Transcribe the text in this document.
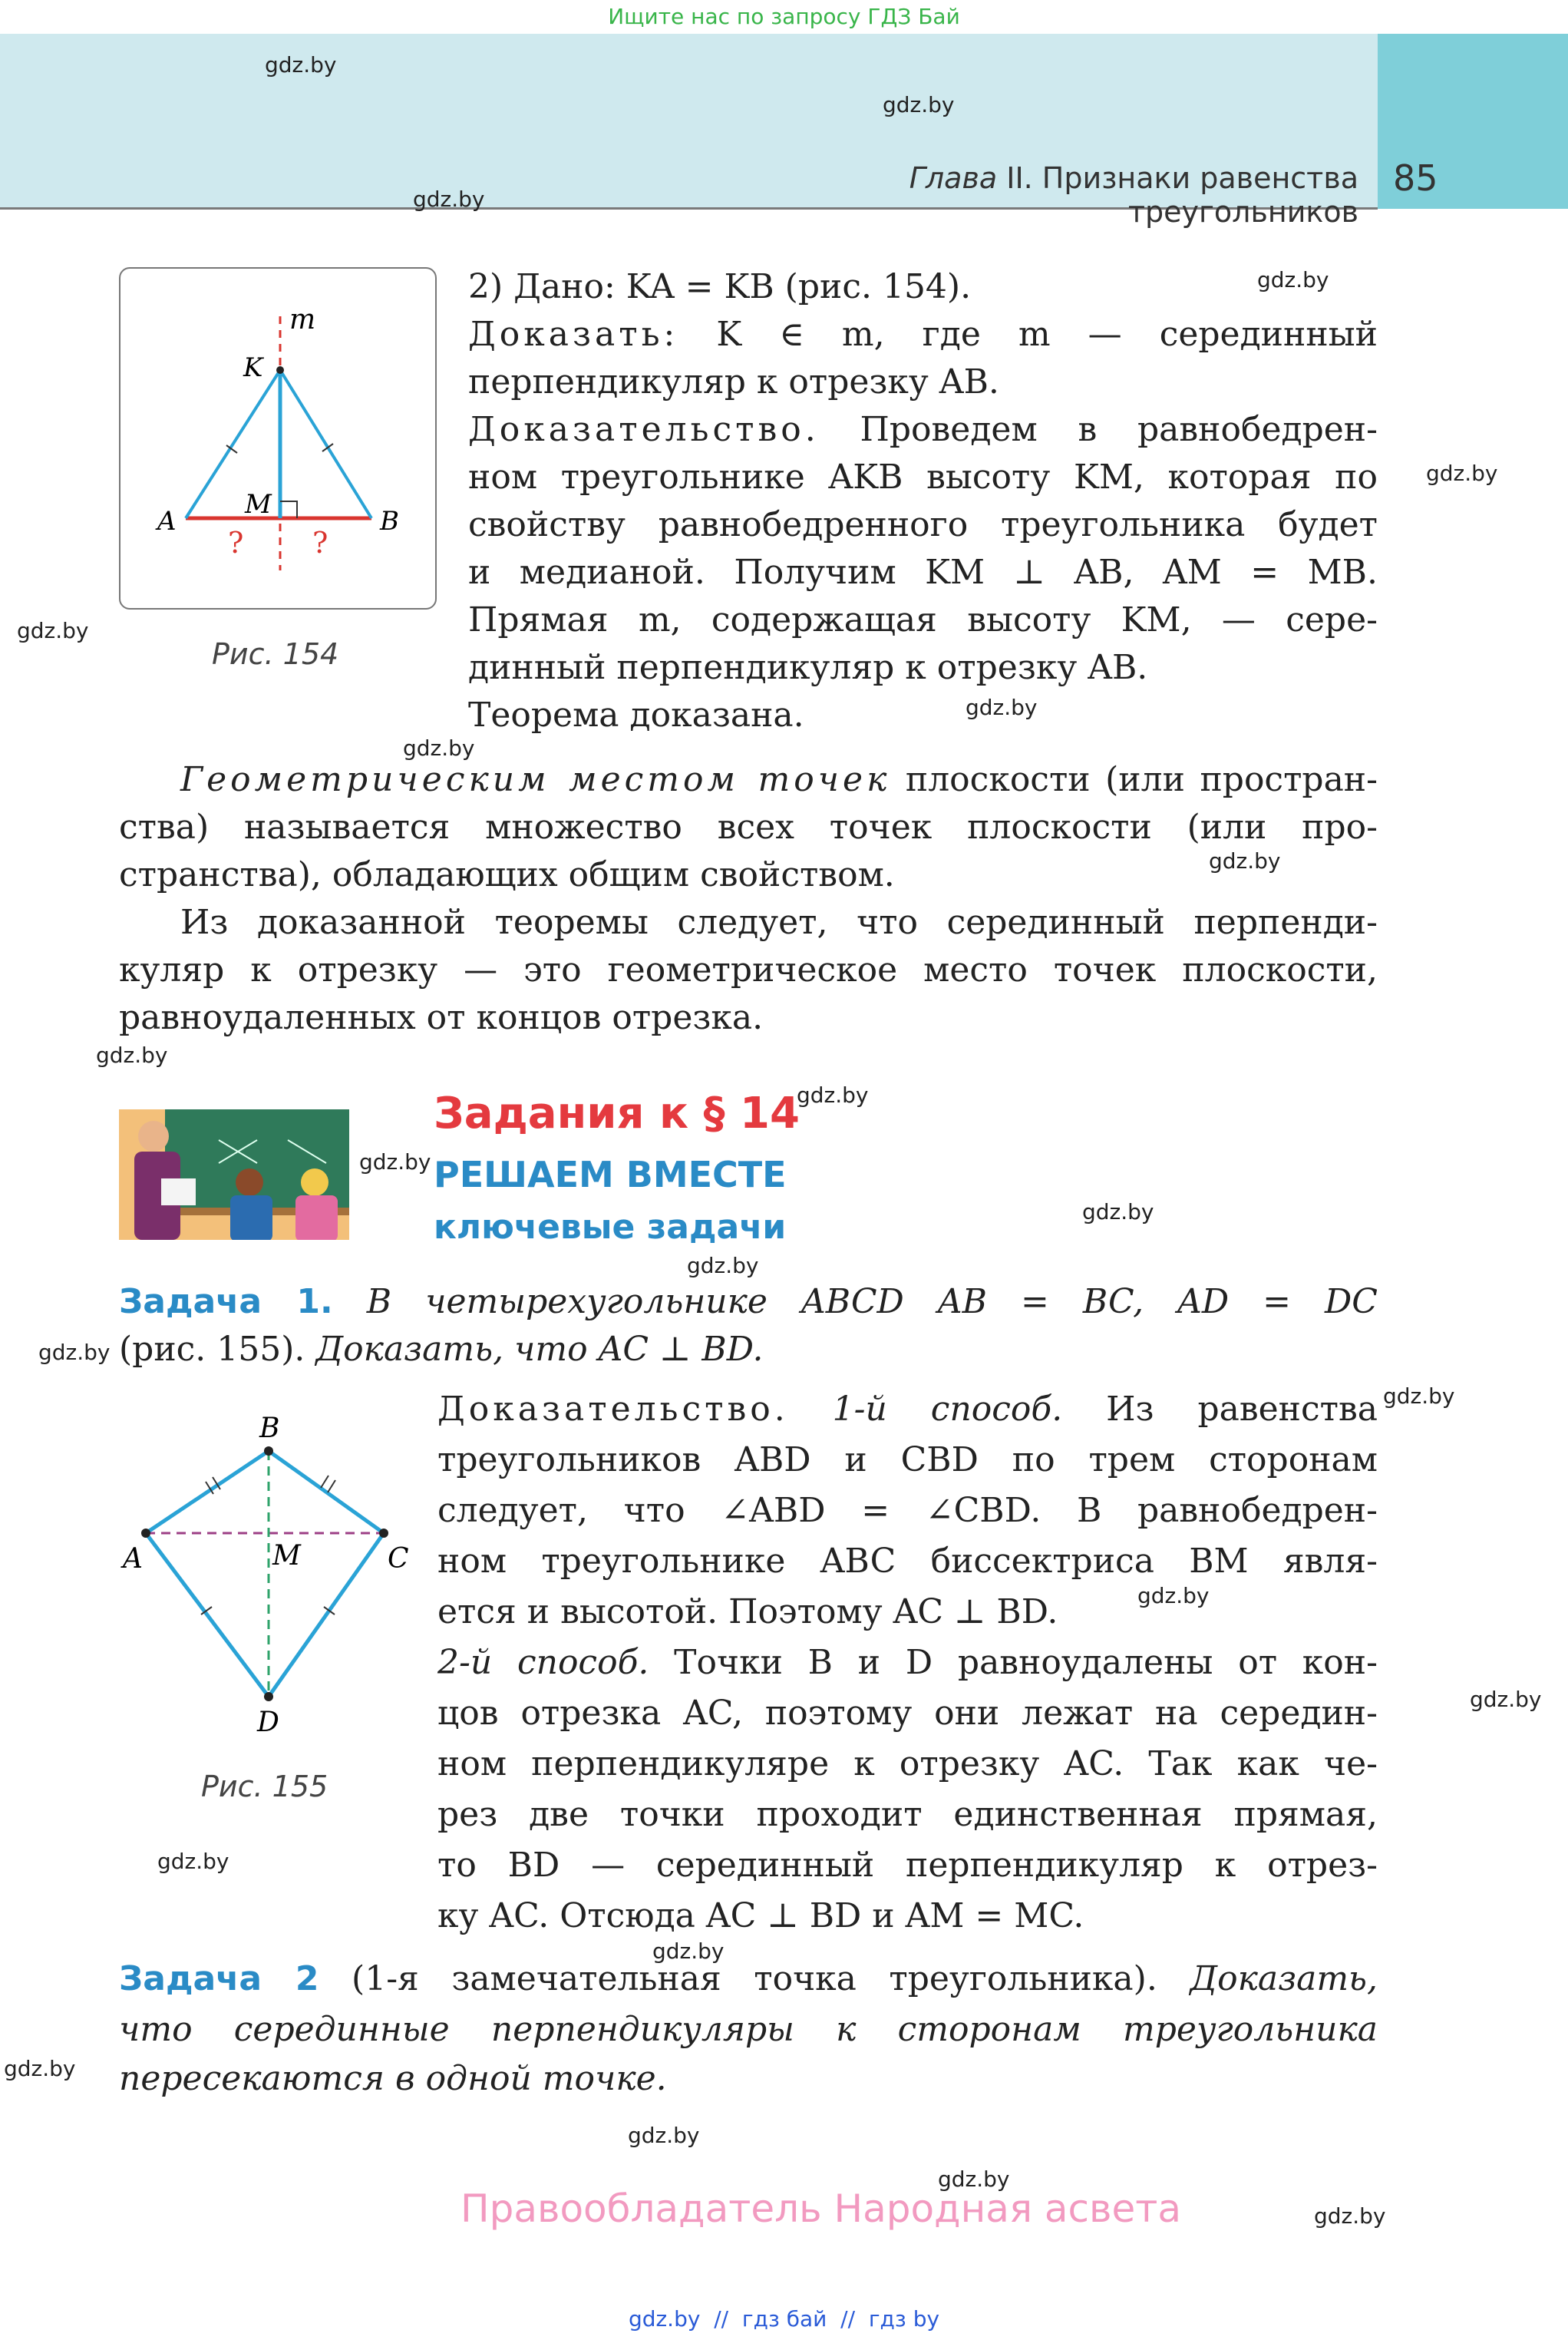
Ищите нас по запросу ГДЗ Бай
Глава II. Признаки равенства треугольников
85
m
K
M
A	B
? ?
Рис. 154
2) Дано: KA = KB (рис. 154).
Доказать: K ∈ m, где m — серединный
перпендикуляр к отрезку AB.
Доказательство. Проведем в равнобедрен-
ном треугольнике AKB высоту KM, которая по
свойству равнобедренного треугольника будет
и медианой. Получим KM ⊥ AB, AM = MB.
Прямая m, содержащая высоту KM, — сере-
динный перпендикуляр к отрезку AB.
Теорема доказана.
Геометрическим местом точек плоскости (или простран-
ства) называется множество всех точек плоскости (или про-
странства), обладающих общим свойством.
Из доказанной теоремы следует, что серединный перпенди-
куляр к отрезку — это геометрическое место точек плоскости,
равноудаленных от концов отрезка.
Задания к § 14
РЕШАЕМ ВМЕСТЕ
ключевые задачи
Задача 1. В четырехугольнике ABCD AB = BC, AD = DC
(рис. 155). Доказать, что AC ⊥ BD.
B
A	C
M
D
Рис. 155
Доказательство. 1-й способ. Из равенства
треугольников ABD и CBD по трем сторонам
следует, что ∠ABD = ∠CBD. В равнобедрен-
ном треугольнике ABC биссектриса BM явля-
ется и высотой. Поэтому AC ⊥ BD.
2-й способ. Точки B и D равноудалены от кон-
цов отрезка AC, поэтому они лежат на середин-
ном перпендикуляре к отрезку AC. Так как че-
рез две точки проходит единственная прямая,
то BD — серединный перпендикуляр к отрез-
ку AC. Отсюда AC ⊥ BD и AM = MC.
Задача 2 (1-я замечательная точка треугольника). Доказать,
что серединные перпендикуляры к сторонам треугольника
пересекаются в одной точке.
Правообладатель Народная асвета
gdz.by  //  гдз бай  //  гдз by
gdz.by
gdz.by
gdz.by
gdz.by
gdz.by
gdz.by
gdz.by
gdz.by
gdz.by
gdz.by
gdz.by
gdz.by
gdz.by
gdz.by
gdz.by
gdz.by
gdz.by
gdz.by
gdz.by
gdz.by
gdz.by
gdz.by
gdz.by
gdz.by
